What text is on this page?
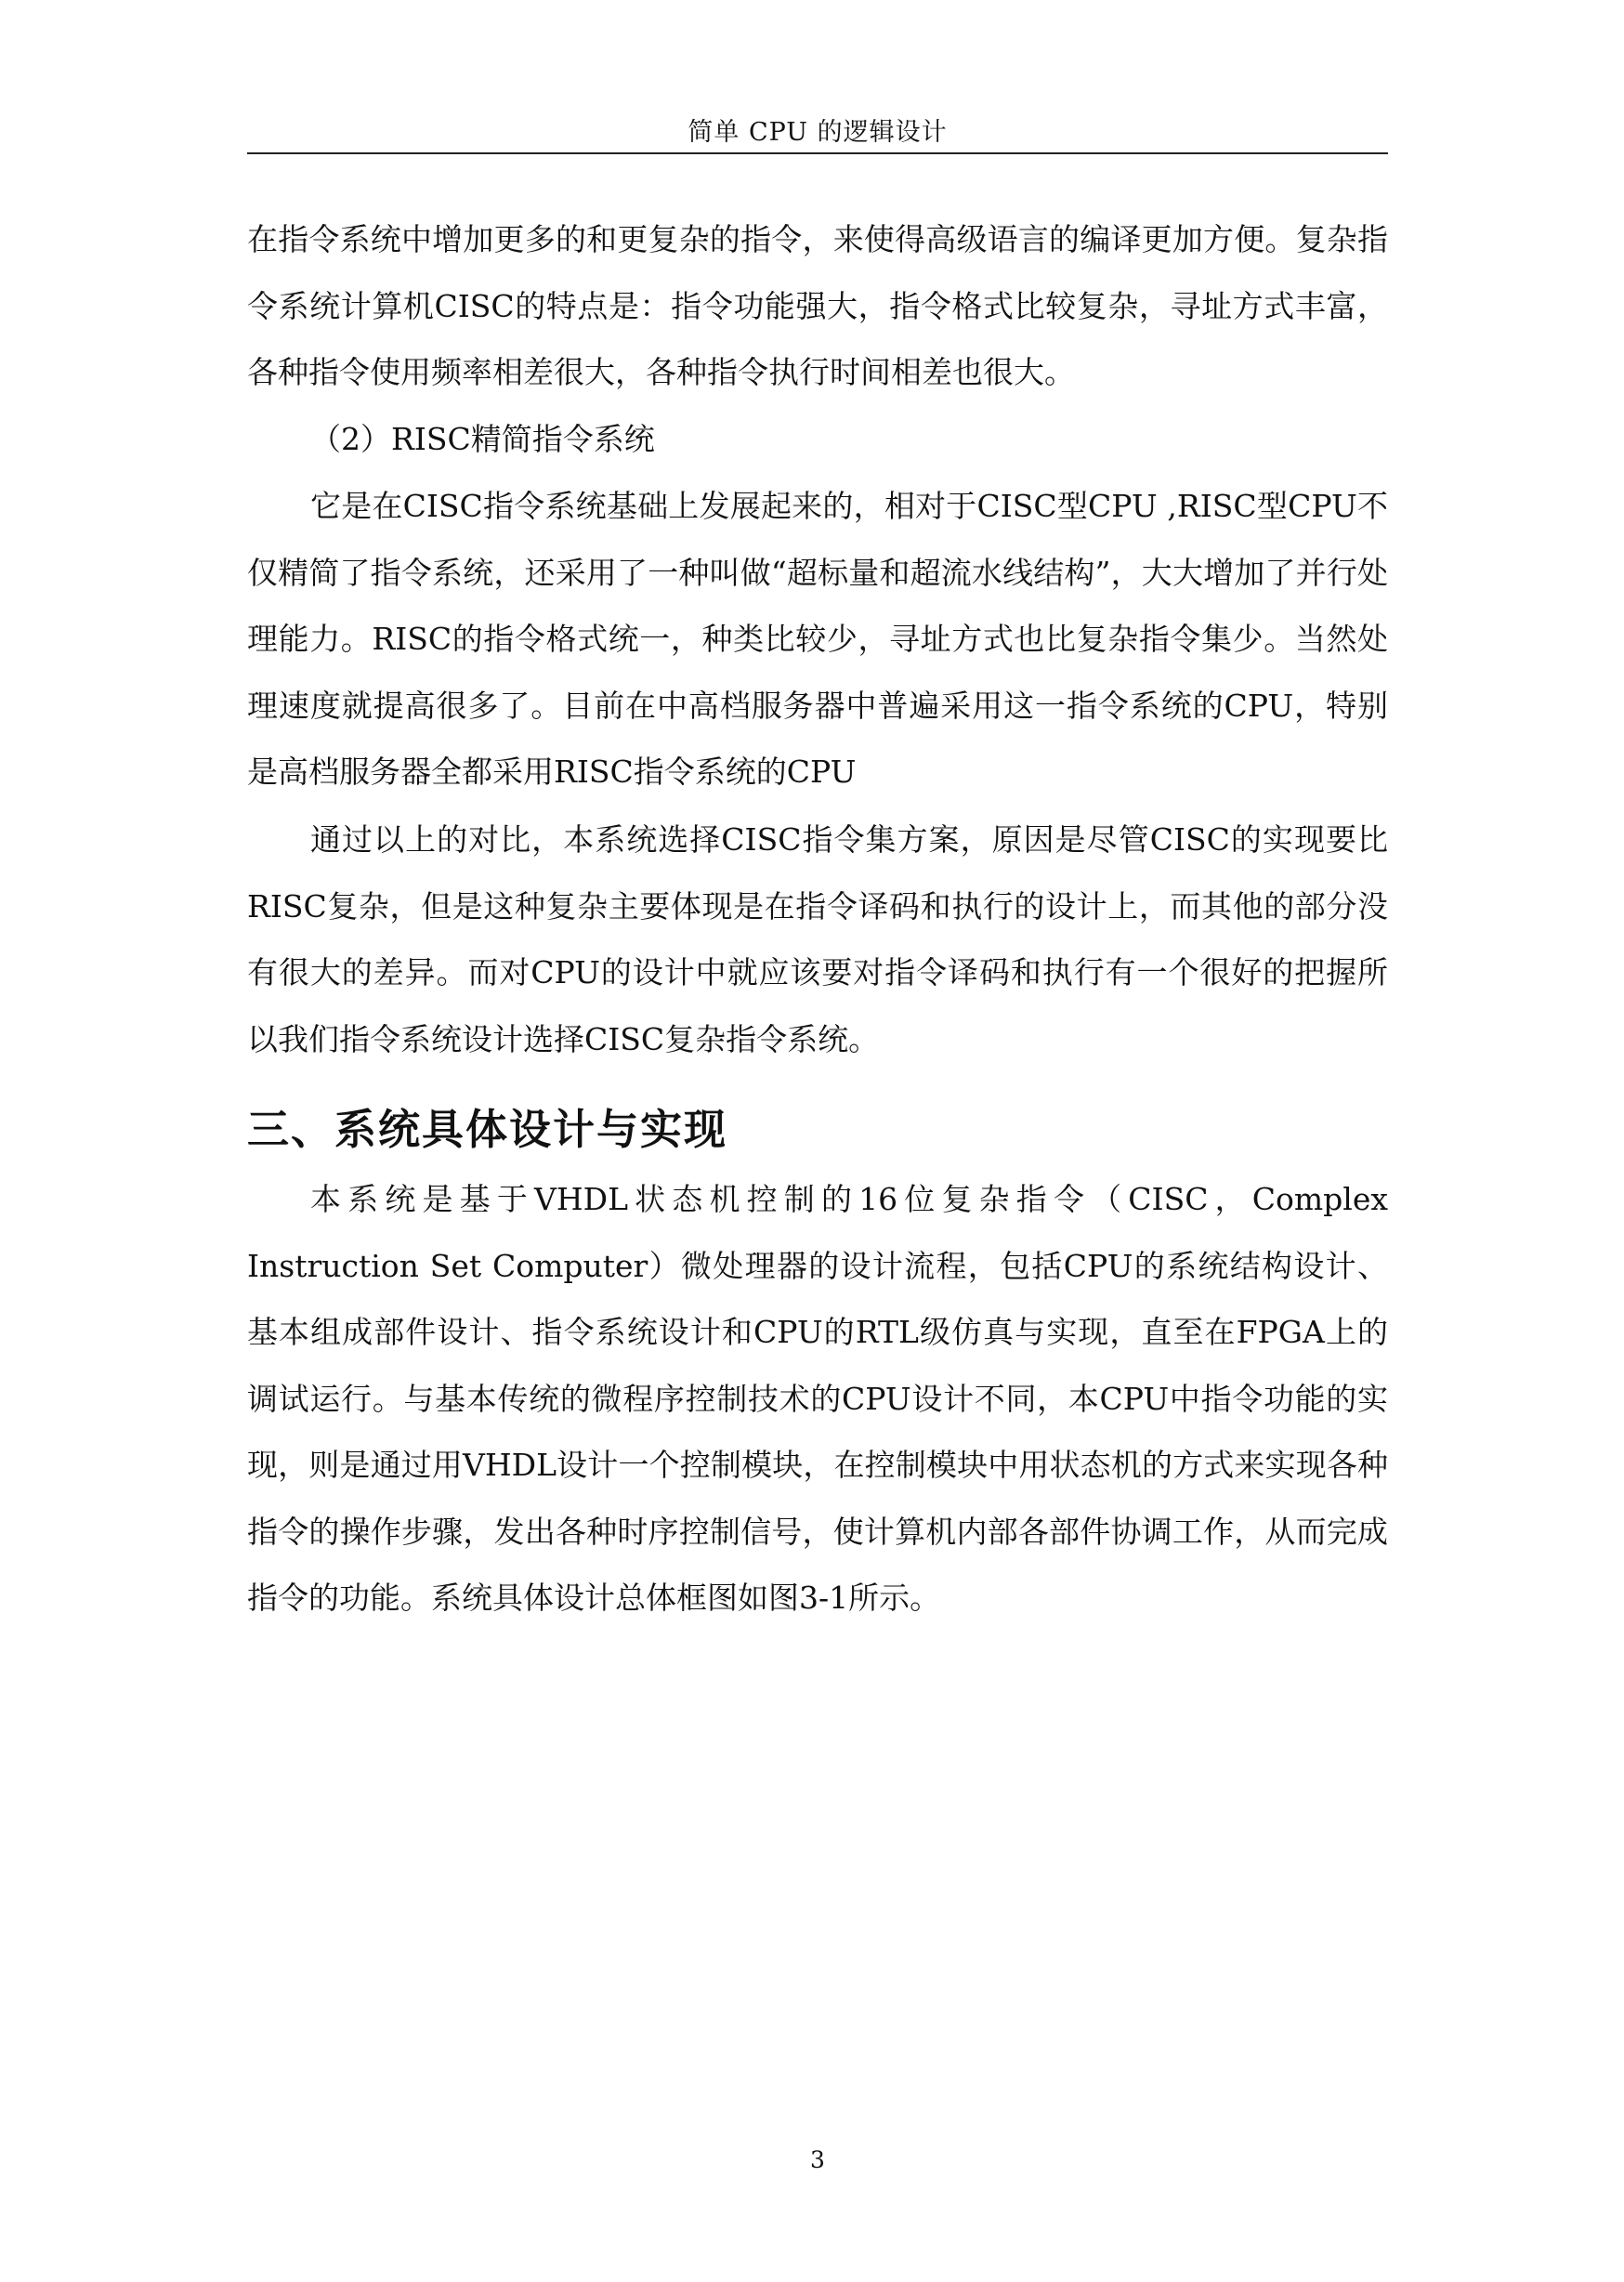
简单 CPU 的逻辑设计

在指令系统中增加更多的和更复杂的指令，来使得高级语言的编译更加方便。复杂指令系统计算机CISC的特点是：指令功能强大，指令格式比较复杂，寻址方式丰富，各种指令使用频率相差很大，各种指令执行时间相差也很大。

（2）RISC精简指令系统

它是在CISC指令系统基础上发展起来的，相对于CISC型CPU ,RISC型CPU不仅精简了指令系统，还采用了一种叫做“超标量和超流水线结构”，大大增加了并行处理能力。RISC的指令格式统一，种类比较少，寻址方式也比复杂指令集少。当然处理速度就提高很多了。目前在中高档服务器中普遍采用这一指令系统的CPU，特别是高档服务器全都采用RISC指令系统的CPU

通过以上的对比，本系统选择CISC指令集方案，原因是尽管CISC的实现要比RISC复杂，但是这种复杂主要体现是在指令译码和执行的设计上，而其他的部分没有很大的差异。而对CPU的设计中就应该要对指令译码和执行有一个很好的把握所以我们指令系统设计选择CISC复杂指令系统。

三、系统具体设计与实现

本系统是基于VHDL状态机控制的16位复杂指令（CISC，Complex Instruction Set Computer）微处理器的设计流程，包括CPU的系统结构设计、基本组成部件设计、指令系统设计和CPU的RTL级仿真与实现，直至在FPGA上的调试运行。与基本传统的微程序控制技术的CPU设计不同，本CPU中指令功能的实现，则是通过用VHDL设计一个控制模块，在控制模块中用状态机的方式来实现各种指令的操作步骤，发出各种时序控制信号，使计算机内部各部件协调工作，从而完成指令的功能。系统具体设计总体框图如图3-1所示。

3
